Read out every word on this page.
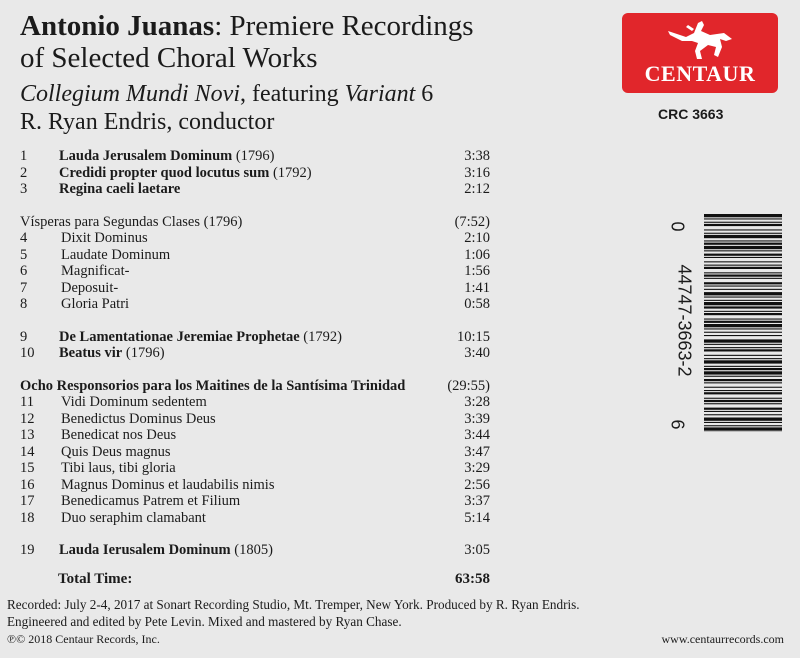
Antonio Juanas: Premiere Recordings
of Selected Choral Works
Collegium Mundi Novi, featuring Variant 6
R. Ryan Endris, conductor
CENTAUR
CRC 3663
1 Lauda Jerusalem Dominum (1796)	3:38
2 Credidi propter quod locutus sum (1792)	3:16
3 Regina caeli laetare	2:12
Vísperas para Segundas Clases (1796)	(7:52)
4 Dixit Dominus	2:10
5 Laudate Dominum	1:06
6 Magnificat-	1:56
7 Deposuit-	1:41
8 Gloria Patri	0:58
9 De Lamentationae Jeremiae Prophetae (1792)	10:15
10 Beatus vir (1796)	3:40
Ocho Responsorios para los Maitines de la Santísima Trinidad	(29:55)
11 Vidi Dominum sedentem	3:28
12 Benedictus Dominus Deus	3:39
13 Benedicat nos Deus	3:44
14 Quis Deus magnus	3:47
15 Tibi laus, tibi gloria	3:29
16 Magnus Dominus et laudabilis nimis	2:56
17 Benedicamus Patrem et Filium	3:37
18 Duo seraphim clamabant	5:14
19 Lauda Ierusalem Dominum (1805)	3:05
Total Time:	63:58
Recorded: July 2-4, 2017 at Sonart Recording Studio, Mt. Tremper, New York. Produced by R. Ryan Endris.
Engineered and edited by Pete Levin. Mixed and mastered by Ryan Chase.
℗© 2018 Centaur Records, Inc.	www.centaurrecords.com
0
44747-3663-2
6
